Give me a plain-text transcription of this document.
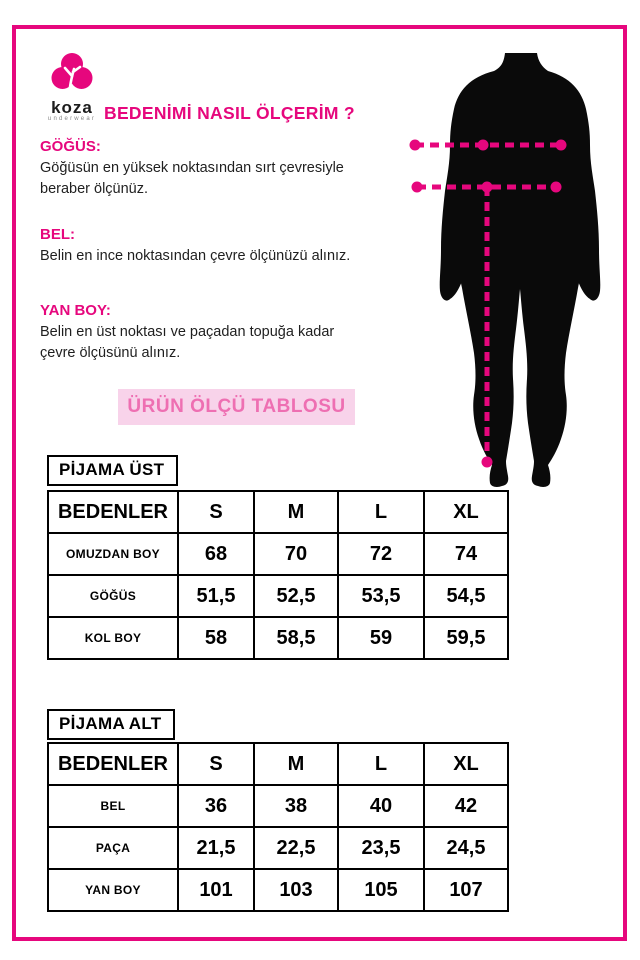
koza
underwear BEDENİMİ NASIL ÖLÇERİM ?
GÖĞÜS:
Göğüsün en yüksek noktasından sırt çevresiyle beraber ölçünüz.
BEL:
Belin en ince noktasından çevre ölçünüzü alınız.
YAN BOY:
Belin en üst noktası ve paçadan topuğa kadar çevre ölçüsünü alınız.
ÜRÜN ÖLÇÜ TABLOSU
PİJAMA ÜST
BEDENLER	S	M	L	XL
OMUZDAN BOY	68	70	72	74
GÖĞÜS	51,5	52,5	53,5	54,5
KOL BOY	58	58,5	59	59,5
PİJAMA ALT
BEDENLER	S	M	L	XL
BEL	36	38	40	42
PAÇA	21,5	22,5	23,5	24,5
YAN BOY	101	103	105	107
